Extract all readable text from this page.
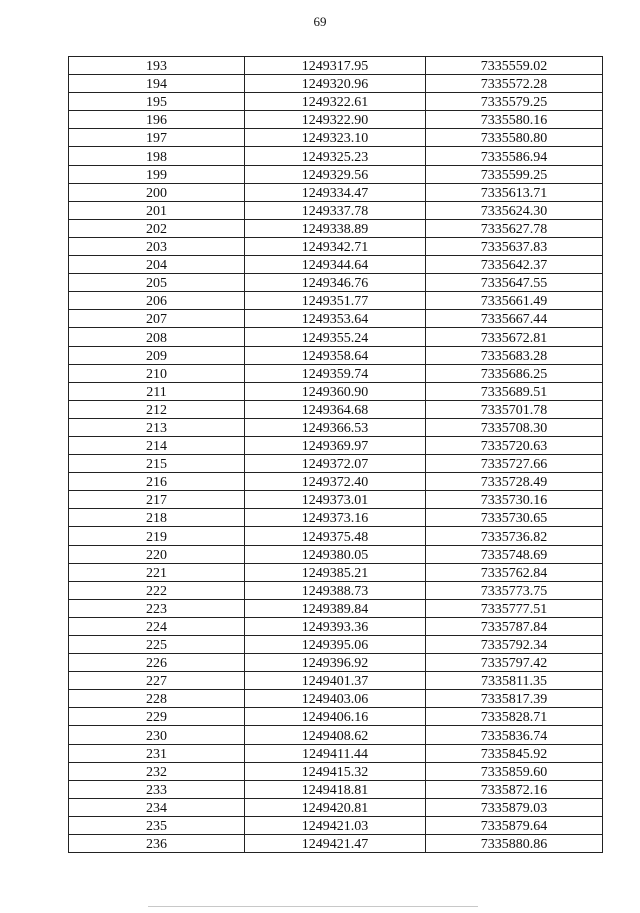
69
193	1249317.95	7335559.02
194	1249320.96	7335572.28
195	1249322.61	7335579.25
196	1249322.90	7335580.16
197	1249323.10	7335580.80
198	1249325.23	7335586.94
199	1249329.56	7335599.25
200	1249334.47	7335613.71
201	1249337.78	7335624.30
202	1249338.89	7335627.78
203	1249342.71	7335637.83
204	1249344.64	7335642.37
205	1249346.76	7335647.55
206	1249351.77	7335661.49
207	1249353.64	7335667.44
208	1249355.24	7335672.81
209	1249358.64	7335683.28
210	1249359.74	7335686.25
211	1249360.90	7335689.51
212	1249364.68	7335701.78
213	1249366.53	7335708.30
214	1249369.97	7335720.63
215	1249372.07	7335727.66
216	1249372.40	7335728.49
217	1249373.01	7335730.16
218	1249373.16	7335730.65
219	1249375.48	7335736.82
220	1249380.05	7335748.69
221	1249385.21	7335762.84
222	1249388.73	7335773.75
223	1249389.84	7335777.51
224	1249393.36	7335787.84
225	1249395.06	7335792.34
226	1249396.92	7335797.42
227	1249401.37	7335811.35
228	1249403.06	7335817.39
229	1249406.16	7335828.71
230	1249408.62	7335836.74
231	1249411.44	7335845.92
232	1249415.32	7335859.60
233	1249418.81	7335872.16
234	1249420.81	7335879.03
235	1249421.03	7335879.64
236	1249421.47	7335880.86
